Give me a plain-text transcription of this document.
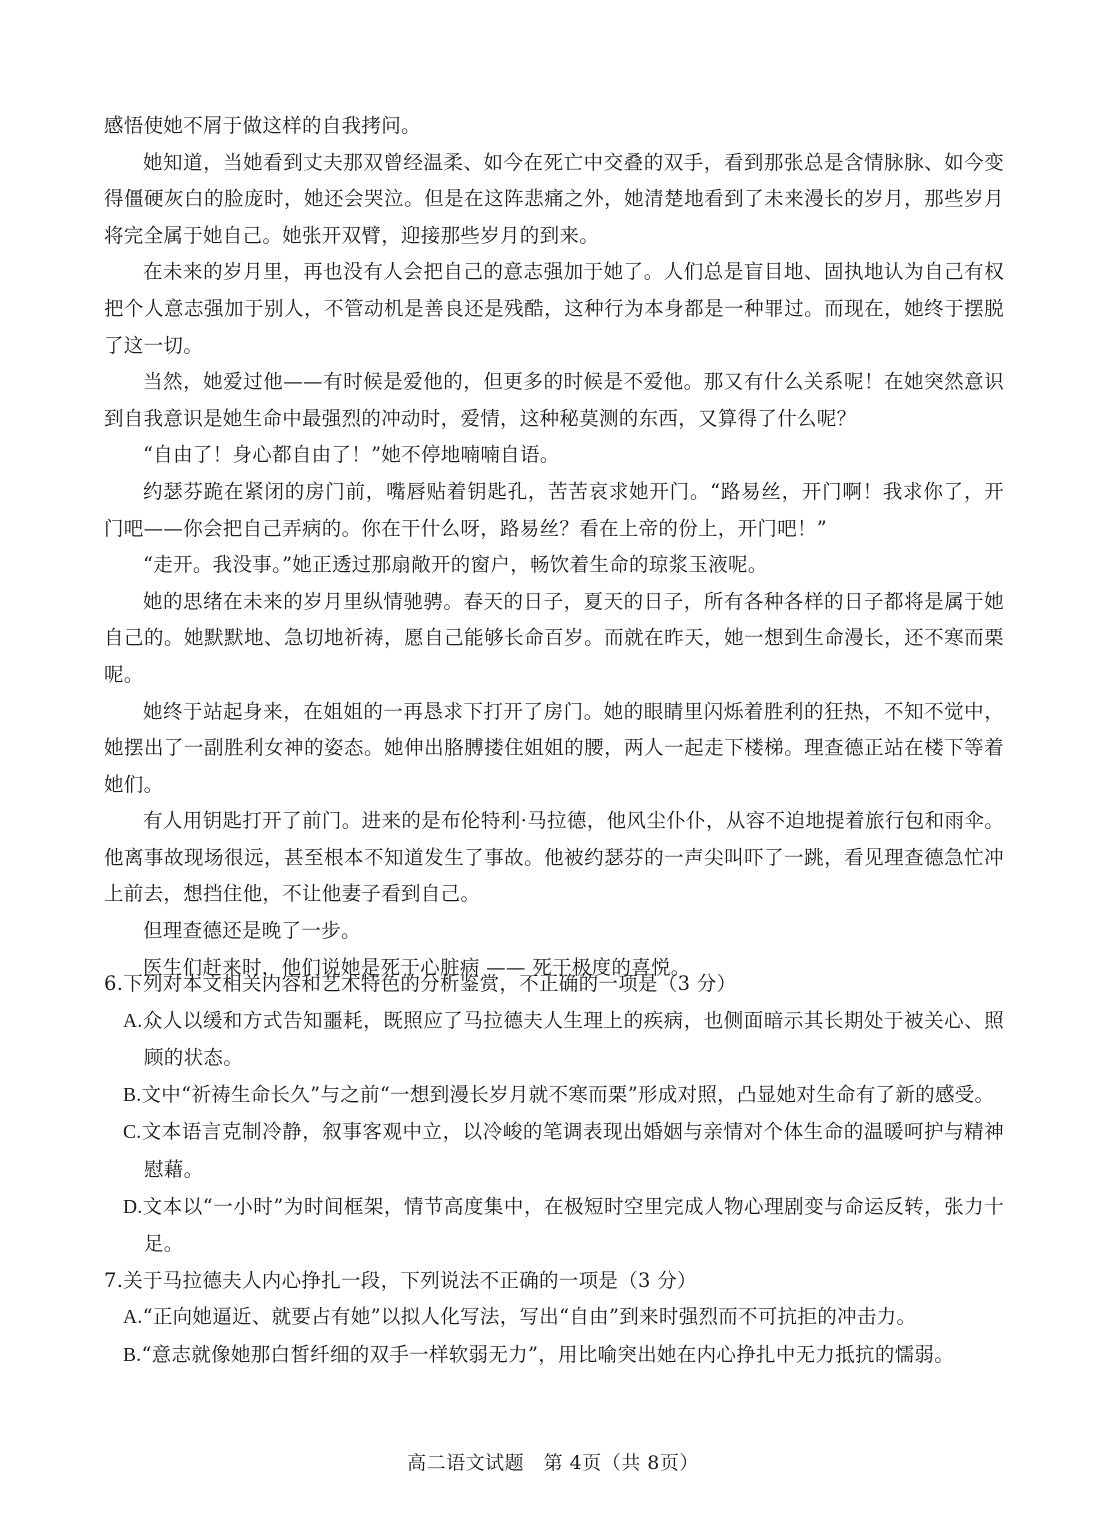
感悟使她不屑于做这样的自我拷问。

她知道，当她看到丈夫那双曾经温柔、如今在死亡中交叠的双手，看到那张总是含情脉脉、如今变得僵硬灰白的脸庞时，她还会哭泣。但是在这阵悲痛之外，她清楚地看到了未来漫长的岁月，那些岁月将完全属于她自己。她张开双臂，迎接那些岁月的到来。

在未来的岁月里，再也没有人会把自己的意志强加于她了。人们总是盲目地、固执地认为自己有权把个人意志强加于别人，不管动机是善良还是残酷，这种行为本身都是一种罪过。而现在，她终于摆脱了这一切。

当然，她爱过他——有时候是爱他的，但更多的时候是不爱他。那又有什么关系呢！在她突然意识到自我意识是她生命中最强烈的冲动时，爱情，这种秘莫测的东西，又算得了什么呢？

“自由了！身心都自由了！”她不停地喃喃自语。

约瑟芬跪在紧闭的房门前，嘴唇贴着钥匙孔，苦苦哀求她开门。“路易丝，开门啊！我求你了，开门吧——你会把自己弄病的。你在干什么呀，路易丝？看在上帝的份上，开门吧！”

“走开。我没事。”她正透过那扇敞开的窗户，畅饮着生命的琼浆玉液呢。

她的思绪在未来的岁月里纵情驰骋。春天的日子，夏天的日子，所有各种各样的日子都将是属于她自己的。她默默地、急切地祈祷，愿自己能够长命百岁。而就在昨天，她一想到生命漫长，还不寒而栗呢。

她终于站起身来，在姐姐的一再恳求下打开了房门。她的眼睛里闪烁着胜利的狂热，不知不觉中，她摆出了一副胜利女神的姿态。她伸出胳膊搂住姐姐的腰，两人一起走下楼梯。理查德正站在楼下等着她们。

有人用钥匙打开了前门。进来的是布伦特利·马拉德，他风尘仆仆，从容不迫地提着旅行包和雨伞。他离事故现场很远，甚至根本不知道发生了事故。他被约瑟芬的一声尖叫吓了一跳，看见理查德急忙冲上前去，想挡住他，不让他妻子看到自己。

但理查德还是晚了一步。

医生们赶来时，他们说她是死于心脏病 —— 死于极度的喜悦。

6.下列对本文相关内容和艺术特色的分析鉴赏，不正确的一项是（3 分）

A.众人以缓和方式告知噩耗，既照应了马拉德夫人生理上的疾病，也侧面暗示其长期处于被关心、照顾的状态。

B.文中“祈祷生命长久”与之前“一想到漫长岁月就不寒而栗”形成对照，凸显她对生命有了新的感受。

C.文本语言克制冷静，叙事客观中立，以冷峻的笔调表现出婚姻与亲情对个体生命的温暖呵护与精神慰藉。

D.文本以“一小时”为时间框架，情节高度集中，在极短时空里完成人物心理剧变与命运反转，张力十足。

7.关于马拉德夫人内心挣扎一段，下列说法不正确的一项是（3 分）

A.“正向她逼近、就要占有她”以拟人化写法，写出“自由”到来时强烈而不可抗拒的冲击力。

B.“意志就像她那白皙纤细的双手一样软弱无力”，用比喻突出她在内心挣扎中无力抵抗的懦弱。

高二语文试题　第 4页（共 8页）
